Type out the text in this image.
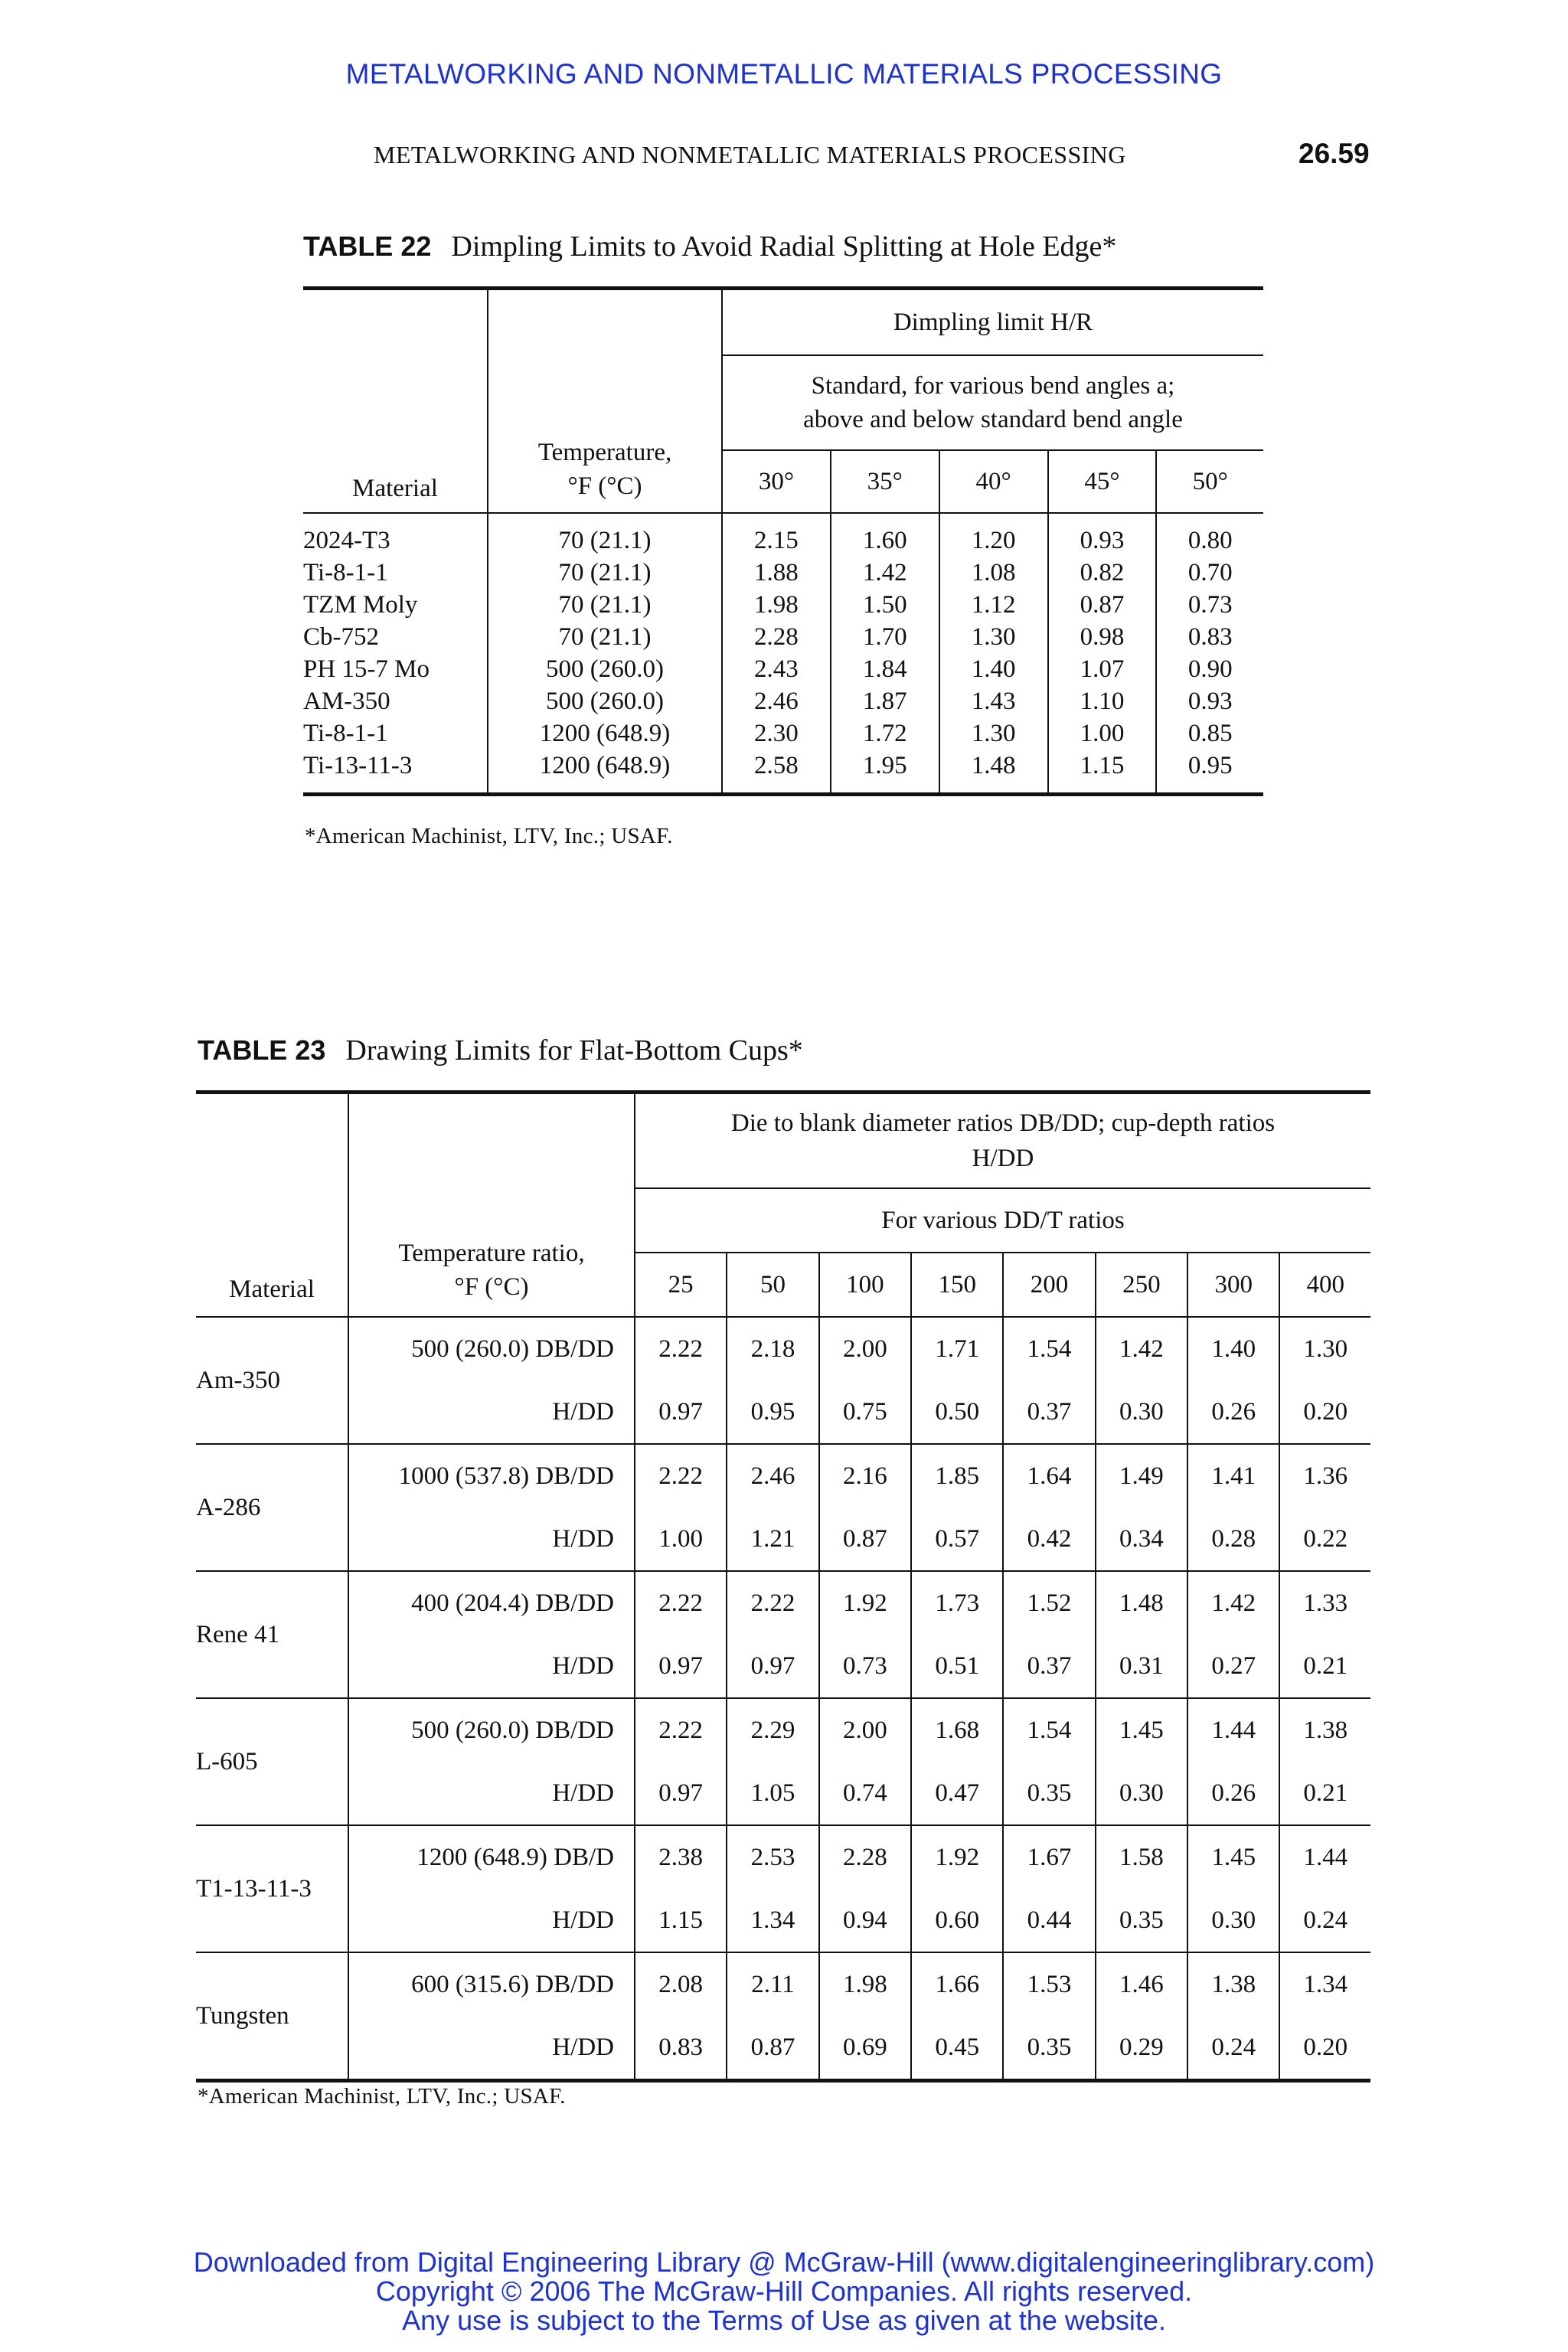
METALWORKING AND NONMETALLIC MATERIALS PROCESSING
METALWORKING AND NONMETALLIC MATERIALS PROCESSING	26.59
TABLE 22 Dimpling Limits to Avoid Radial Splitting at Hole Edge*
Material	Temperature,
°F (°C)	Dimpling limit H/R				
		Standard, for various bend angles a;
above and below standard bend angle				
		30°	35°	40°	45°	50°
2024-T3	70 (21.1)	2.15	1.60	1.20	0.93	0.80
Ti-8-1-1	70 (21.1)	1.88	1.42	1.08	0.82	0.70
TZM Moly	70 (21.1)	1.98	1.50	1.12	0.87	0.73
Cb-752	70 (21.1)	2.28	1.70	1.30	0.98	0.83
PH 15-7 Mo	500 (260.0)	2.43	1.84	1.40	1.07	0.90
AM-350	500 (260.0)	2.46	1.87	1.43	1.10	0.93
Ti-8-1-1	1200 (648.9)	2.30	1.72	1.30	1.00	0.85
Ti-13-11-3	1200 (648.9)	2.58	1.95	1.48	1.15	0.95
*American Machinist, LTV, Inc.; USAF.
TABLE 23 Drawing Limits for Flat-Bottom Cups*
Material	Temperature ratio,
°F (°C)	Die to blank diameter ratios DB/DD; cup-depth ratios
H/DD							
		For various DD/T ratios							
		25	50	100	150	200	250	300	400
Am-350	500 (260.0) DB/DD	2.22	2.18	2.00	1.71	1.54	1.42	1.40	1.30
	H/DD	0.97	0.95	0.75	0.50	0.37	0.30	0.26	0.20
A-286	1000 (537.8) DB/DD	2.22	2.46	2.16	1.85	1.64	1.49	1.41	1.36
	H/DD	1.00	1.21	0.87	0.57	0.42	0.34	0.28	0.22
Rene 41	400 (204.4) DB/DD	2.22	2.22	1.92	1.73	1.52	1.48	1.42	1.33
	H/DD	0.97	0.97	0.73	0.51	0.37	0.31	0.27	0.21
L-605	500 (260.0) DB/DD	2.22	2.29	2.00	1.68	1.54	1.45	1.44	1.38
	H/DD	0.97	1.05	0.74	0.47	0.35	0.30	0.26	0.21
T1-13-11-3	1200 (648.9) DB/D	2.38	2.53	2.28	1.92	1.67	1.58	1.45	1.44
	H/DD	1.15	1.34	0.94	0.60	0.44	0.35	0.30	0.24
Tungsten	600 (315.6) DB/DD	2.08	2.11	1.98	1.66	1.53	1.46	1.38	1.34
	H/DD	0.83	0.87	0.69	0.45	0.35	0.29	0.24	0.20
*American Machinist, LTV, Inc.; USAF.
Downloaded from Digital Engineering Library @ McGraw-Hill (www.digitalengineeringlibrary.com)
Copyright © 2006 The McGraw-Hill Companies. All rights reserved.
Any use is subject to the Terms of Use as given at the website.
